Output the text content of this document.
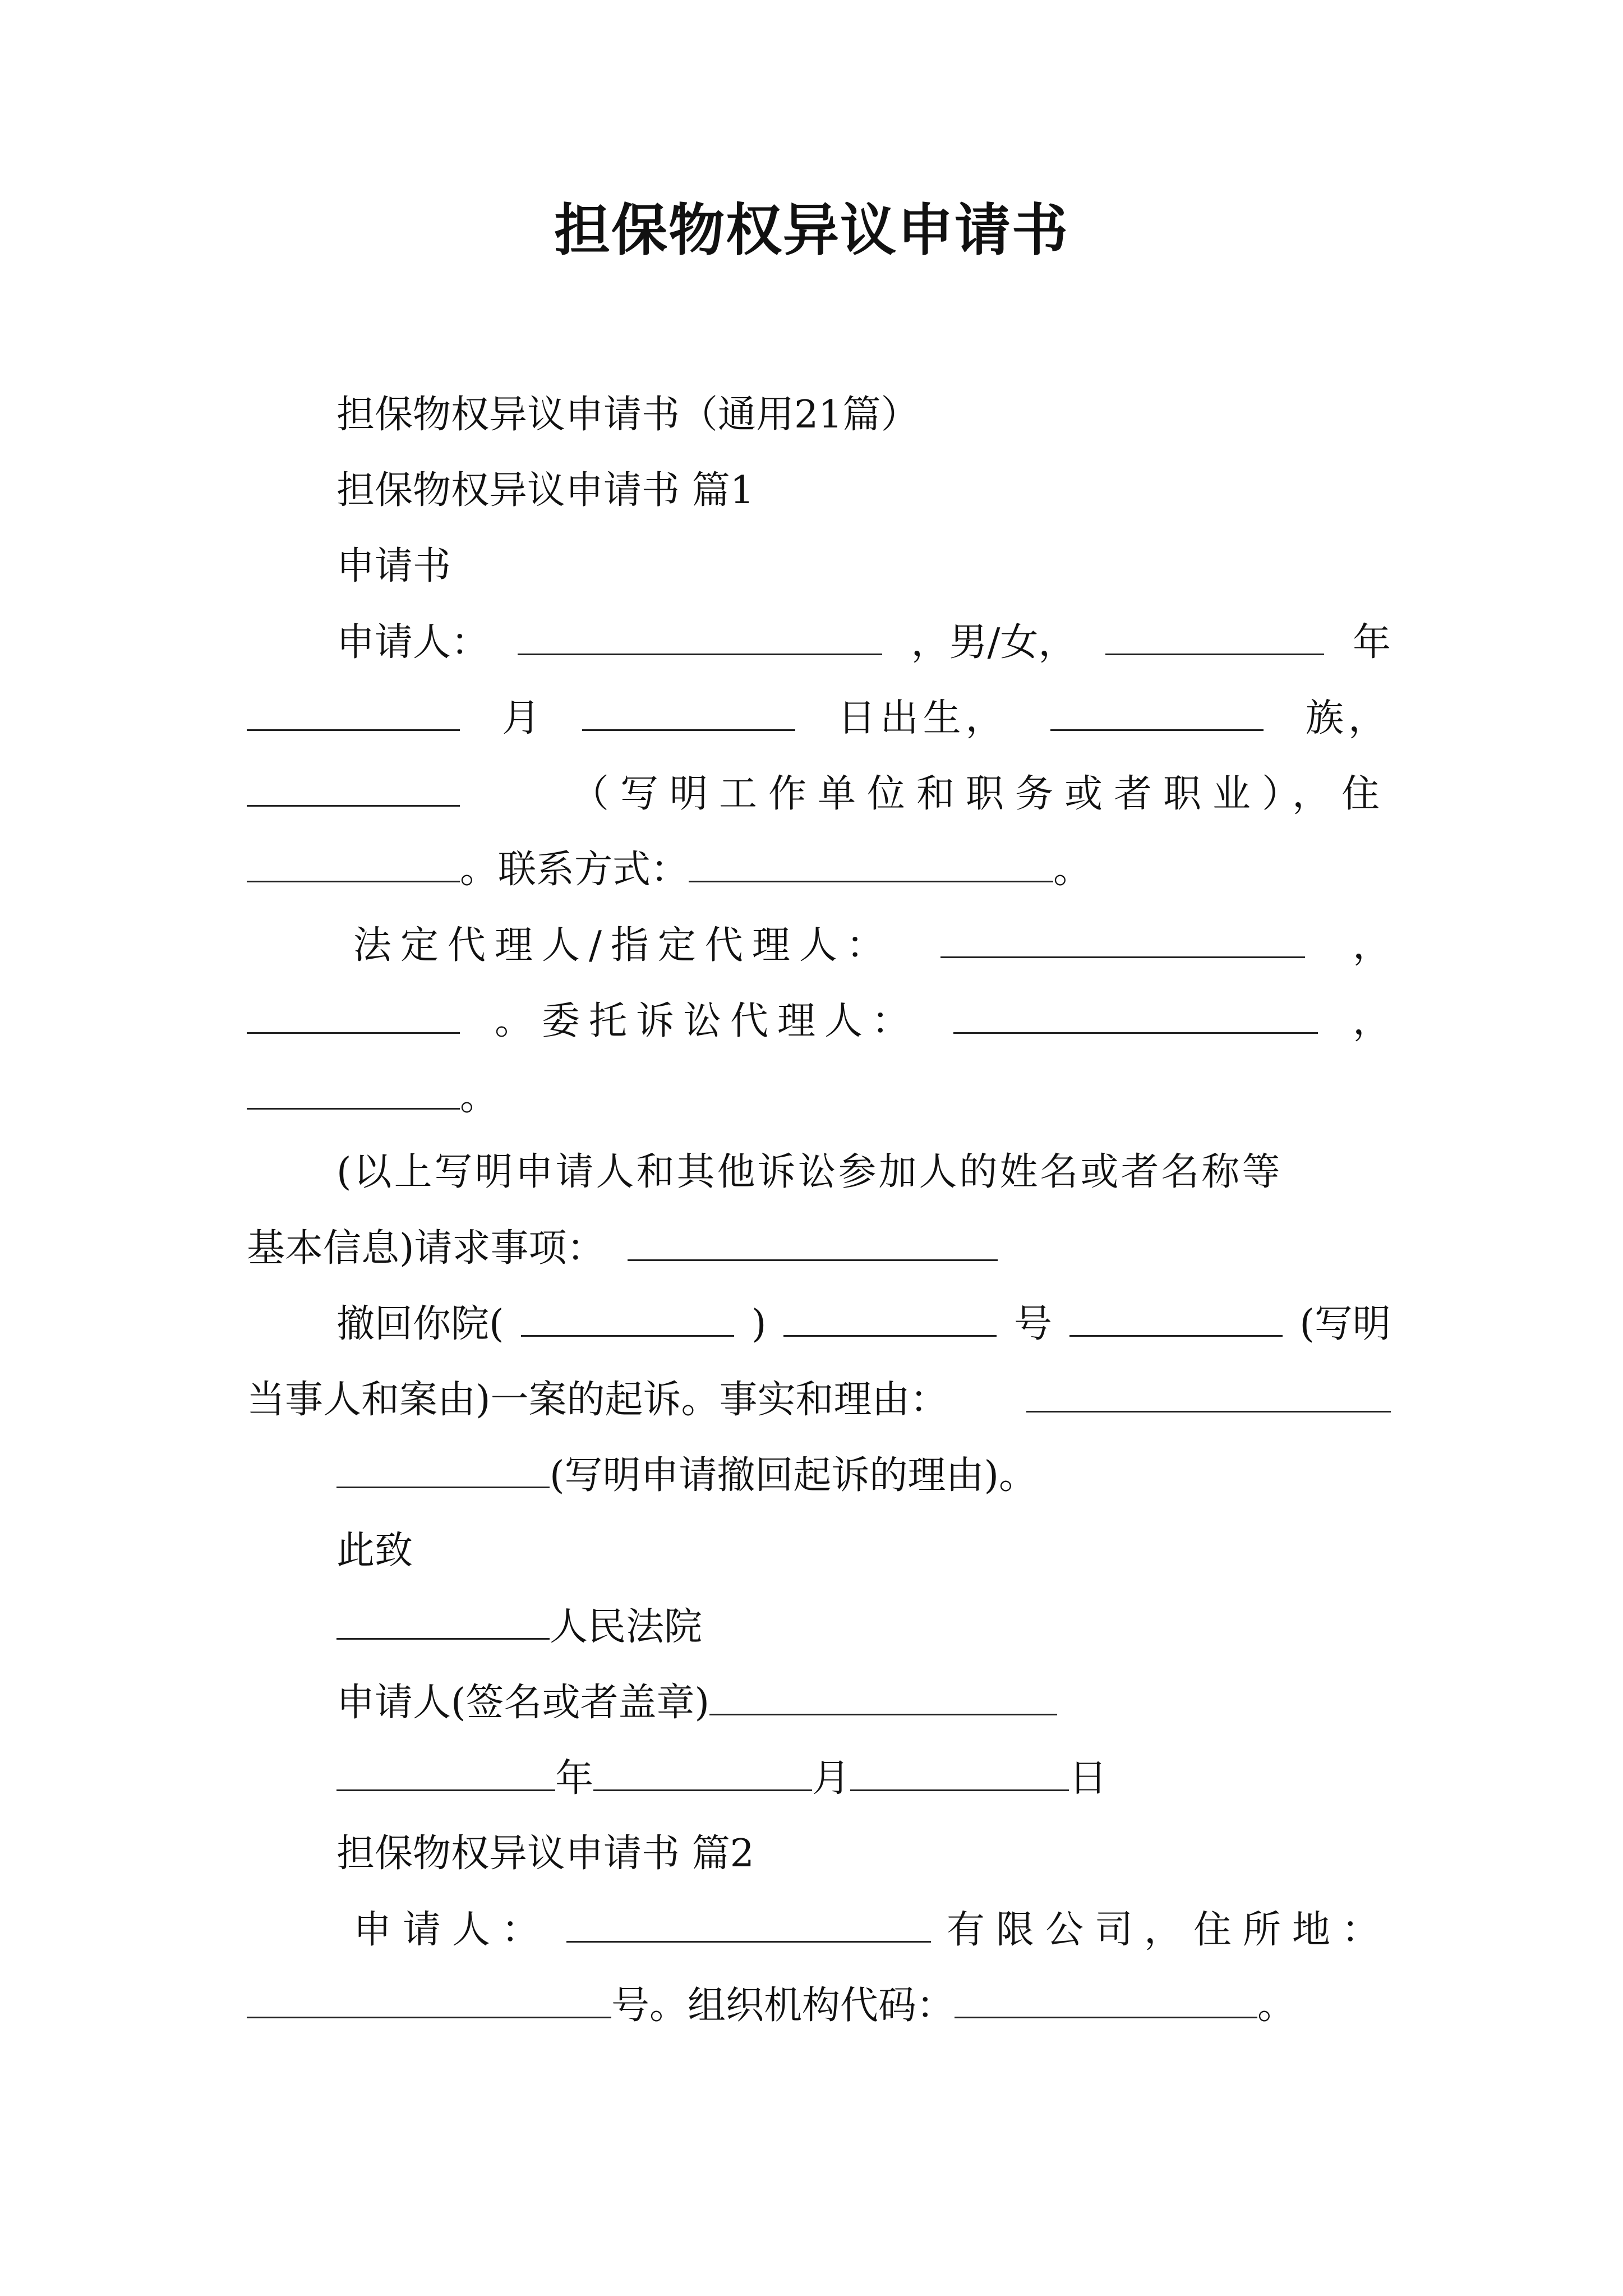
担保物权异议申请书
担保物权异议申请书（通用21篇）
担保物权异议申请书 篇1
申请书
申请人：	，男/女，	年
月	日出生，	族，
（写明工作单位和职务或者职业），住
。联系方式：	。
法定代理人/指定代理人：	，
。委托诉讼代理人：	，
。
(以上写明申请人和其他诉讼参加人的姓名或者名称等
基本信息)请求事项：
撤回你院(	)	号	(写明
当事人和案由)一案的起诉。事实和理由：
(写明申请撤回起诉的理由)。
此致
人民法院
申请人(签名或者盖章)
年	月	日
担保物权异议申请书 篇2
申请人：	有限公司，住所地：
号。组织机构代码：	。
